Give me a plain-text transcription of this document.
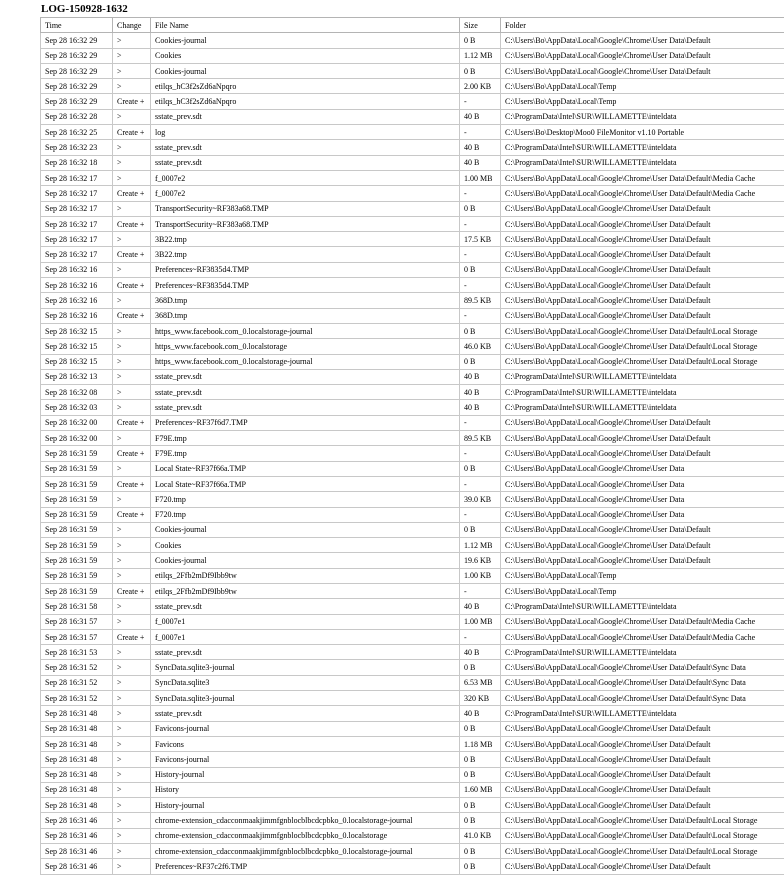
LOG-150928-1632
Time	Change	File Name	Size	Folder
Sep 28 16:32 29	>	Cookies-journal	0 B	C:\Users\Bo\AppData\Local\Google\Chrome\User Data\Default
Sep 28 16:32 29	>	Cookies	1.12 MB	C:\Users\Bo\AppData\Local\Google\Chrome\User Data\Default
Sep 28 16:32 29	>	Cookies-journal	0 B	C:\Users\Bo\AppData\Local\Google\Chrome\User Data\Default
Sep 28 16:32 29	>	etilqs_hC3f2sZd6aNpqro	2.00 KB	C:\Users\Bo\AppData\Local\Temp
Sep 28 16:32 29	Create +	etilqs_hC3f2sZd6aNpqro	-	C:\Users\Bo\AppData\Local\Temp
Sep 28 16:32 28	>	sstate_prev.sdt	40 B	C:\ProgramData\Intel\SUR\WILLAMETTE\inteldata
Sep 28 16:32 25	Create +	log	-	C:\Users\Bo\Desktop\Moo0 FileMonitor v1.10 Portable
Sep 28 16:32 23	>	sstate_prev.sdt	40 B	C:\ProgramData\Intel\SUR\WILLAMETTE\inteldata
Sep 28 16:32 18	>	sstate_prev.sdt	40 B	C:\ProgramData\Intel\SUR\WILLAMETTE\inteldata
Sep 28 16:32 17	>	f_0007e2	1.00 MB	C:\Users\Bo\AppData\Local\Google\Chrome\User Data\Default\Media Cache
Sep 28 16:32 17	Create +	f_0007e2	-	C:\Users\Bo\AppData\Local\Google\Chrome\User Data\Default\Media Cache
Sep 28 16:32 17	>	TransportSecurity~RF383a68.TMP	0 B	C:\Users\Bo\AppData\Local\Google\Chrome\User Data\Default
Sep 28 16:32 17	Create +	TransportSecurity~RF383a68.TMP	-	C:\Users\Bo\AppData\Local\Google\Chrome\User Data\Default
Sep 28 16:32 17	>	3B22.tmp	17.5 KB	C:\Users\Bo\AppData\Local\Google\Chrome\User Data\Default
Sep 28 16:32 17	Create +	3B22.tmp	-	C:\Users\Bo\AppData\Local\Google\Chrome\User Data\Default
Sep 28 16:32 16	>	Preferences~RF3835d4.TMP	0 B	C:\Users\Bo\AppData\Local\Google\Chrome\User Data\Default
Sep 28 16:32 16	Create +	Preferences~RF3835d4.TMP	-	C:\Users\Bo\AppData\Local\Google\Chrome\User Data\Default
Sep 28 16:32 16	>	368D.tmp	89.5 KB	C:\Users\Bo\AppData\Local\Google\Chrome\User Data\Default
Sep 28 16:32 16	Create +	368D.tmp	-	C:\Users\Bo\AppData\Local\Google\Chrome\User Data\Default
Sep 28 16:32 15	>	https_www.facebook.com_0.localstorage-journal	0 B	C:\Users\Bo\AppData\Local\Google\Chrome\User Data\Default\Local Storage
Sep 28 16:32 15	>	https_www.facebook.com_0.localstorage	46.0 KB	C:\Users\Bo\AppData\Local\Google\Chrome\User Data\Default\Local Storage
Sep 28 16:32 15	>	https_www.facebook.com_0.localstorage-journal	0 B	C:\Users\Bo\AppData\Local\Google\Chrome\User Data\Default\Local Storage
Sep 28 16:32 13	>	sstate_prev.sdt	40 B	C:\ProgramData\Intel\SUR\WILLAMETTE\inteldata
Sep 28 16:32 08	>	sstate_prev.sdt	40 B	C:\ProgramData\Intel\SUR\WILLAMETTE\inteldata
Sep 28 16:32 03	>	sstate_prev.sdt	40 B	C:\ProgramData\Intel\SUR\WILLAMETTE\inteldata
Sep 28 16:32 00	Create +	Preferences~RF37f6d7.TMP	-	C:\Users\Bo\AppData\Local\Google\Chrome\User Data\Default
Sep 28 16:32 00	>	F79E.tmp	89.5 KB	C:\Users\Bo\AppData\Local\Google\Chrome\User Data\Default
Sep 28 16:31 59	Create +	F79E.tmp	-	C:\Users\Bo\AppData\Local\Google\Chrome\User Data\Default
Sep 28 16:31 59	>	Local State~RF37f66a.TMP	0 B	C:\Users\Bo\AppData\Local\Google\Chrome\User Data
Sep 28 16:31 59	Create +	Local State~RF37f66a.TMP	-	C:\Users\Bo\AppData\Local\Google\Chrome\User Data
Sep 28 16:31 59	>	F720.tmp	39.0 KB	C:\Users\Bo\AppData\Local\Google\Chrome\User Data
Sep 28 16:31 59	Create +	F720.tmp	-	C:\Users\Bo\AppData\Local\Google\Chrome\User Data
Sep 28 16:31 59	>	Cookies-journal	0 B	C:\Users\Bo\AppData\Local\Google\Chrome\User Data\Default
Sep 28 16:31 59	>	Cookies	1.12 MB	C:\Users\Bo\AppData\Local\Google\Chrome\User Data\Default
Sep 28 16:31 59	>	Cookies-journal	19.6 KB	C:\Users\Bo\AppData\Local\Google\Chrome\User Data\Default
Sep 28 16:31 59	>	etilqs_2Ffb2mDf9Ibb9tw	1.00 KB	C:\Users\Bo\AppData\Local\Temp
Sep 28 16:31 59	Create +	etilqs_2Ffb2mDf9Ibb9tw	-	C:\Users\Bo\AppData\Local\Temp
Sep 28 16:31 58	>	sstate_prev.sdt	40 B	C:\ProgramData\Intel\SUR\WILLAMETTE\inteldata
Sep 28 16:31 57	>	f_0007e1	1.00 MB	C:\Users\Bo\AppData\Local\Google\Chrome\User Data\Default\Media Cache
Sep 28 16:31 57	Create +	f_0007e1	-	C:\Users\Bo\AppData\Local\Google\Chrome\User Data\Default\Media Cache
Sep 28 16:31 53	>	sstate_prev.sdt	40 B	C:\ProgramData\Intel\SUR\WILLAMETTE\inteldata
Sep 28 16:31 52	>	SyncData.sqlite3-journal	0 B	C:\Users\Bo\AppData\Local\Google\Chrome\User Data\Default\Sync Data
Sep 28 16:31 52	>	SyncData.sqlite3	6.53 MB	C:\Users\Bo\AppData\Local\Google\Chrome\User Data\Default\Sync Data
Sep 28 16:31 52	>	SyncData.sqlite3-journal	320 KB	C:\Users\Bo\AppData\Local\Google\Chrome\User Data\Default\Sync Data
Sep 28 16:31 48	>	sstate_prev.sdt	40 B	C:\ProgramData\Intel\SUR\WILLAMETTE\inteldata
Sep 28 16:31 48	>	Favicons-journal	0 B	C:\Users\Bo\AppData\Local\Google\Chrome\User Data\Default
Sep 28 16:31 48	>	Favicons	1.18 MB	C:\Users\Bo\AppData\Local\Google\Chrome\User Data\Default
Sep 28 16:31 48	>	Favicons-journal	0 B	C:\Users\Bo\AppData\Local\Google\Chrome\User Data\Default
Sep 28 16:31 48	>	History-journal	0 B	C:\Users\Bo\AppData\Local\Google\Chrome\User Data\Default
Sep 28 16:31 48	>	History	1.60 MB	C:\Users\Bo\AppData\Local\Google\Chrome\User Data\Default
Sep 28 16:31 48	>	History-journal	0 B	C:\Users\Bo\AppData\Local\Google\Chrome\User Data\Default
Sep 28 16:31 46	>	chrome-extension_cdacconmaakjimmfgnblocblbcdcpbko_0.localstorage-journal	0 B	C:\Users\Bo\AppData\Local\Google\Chrome\User Data\Default\Local Storage
Sep 28 16:31 46	>	chrome-extension_cdacconmaakjimmfgnblocblbcdcpbko_0.localstorage	41.0 KB	C:\Users\Bo\AppData\Local\Google\Chrome\User Data\Default\Local Storage
Sep 28 16:31 46	>	chrome-extension_cdacconmaakjimmfgnblocblbcdcpbko_0.localstorage-journal	0 B	C:\Users\Bo\AppData\Local\Google\Chrome\User Data\Default\Local Storage
Sep 28 16:31 46	>	Preferences~RF37c2f6.TMP	0 B	C:\Users\Bo\AppData\Local\Google\Chrome\User Data\Default
